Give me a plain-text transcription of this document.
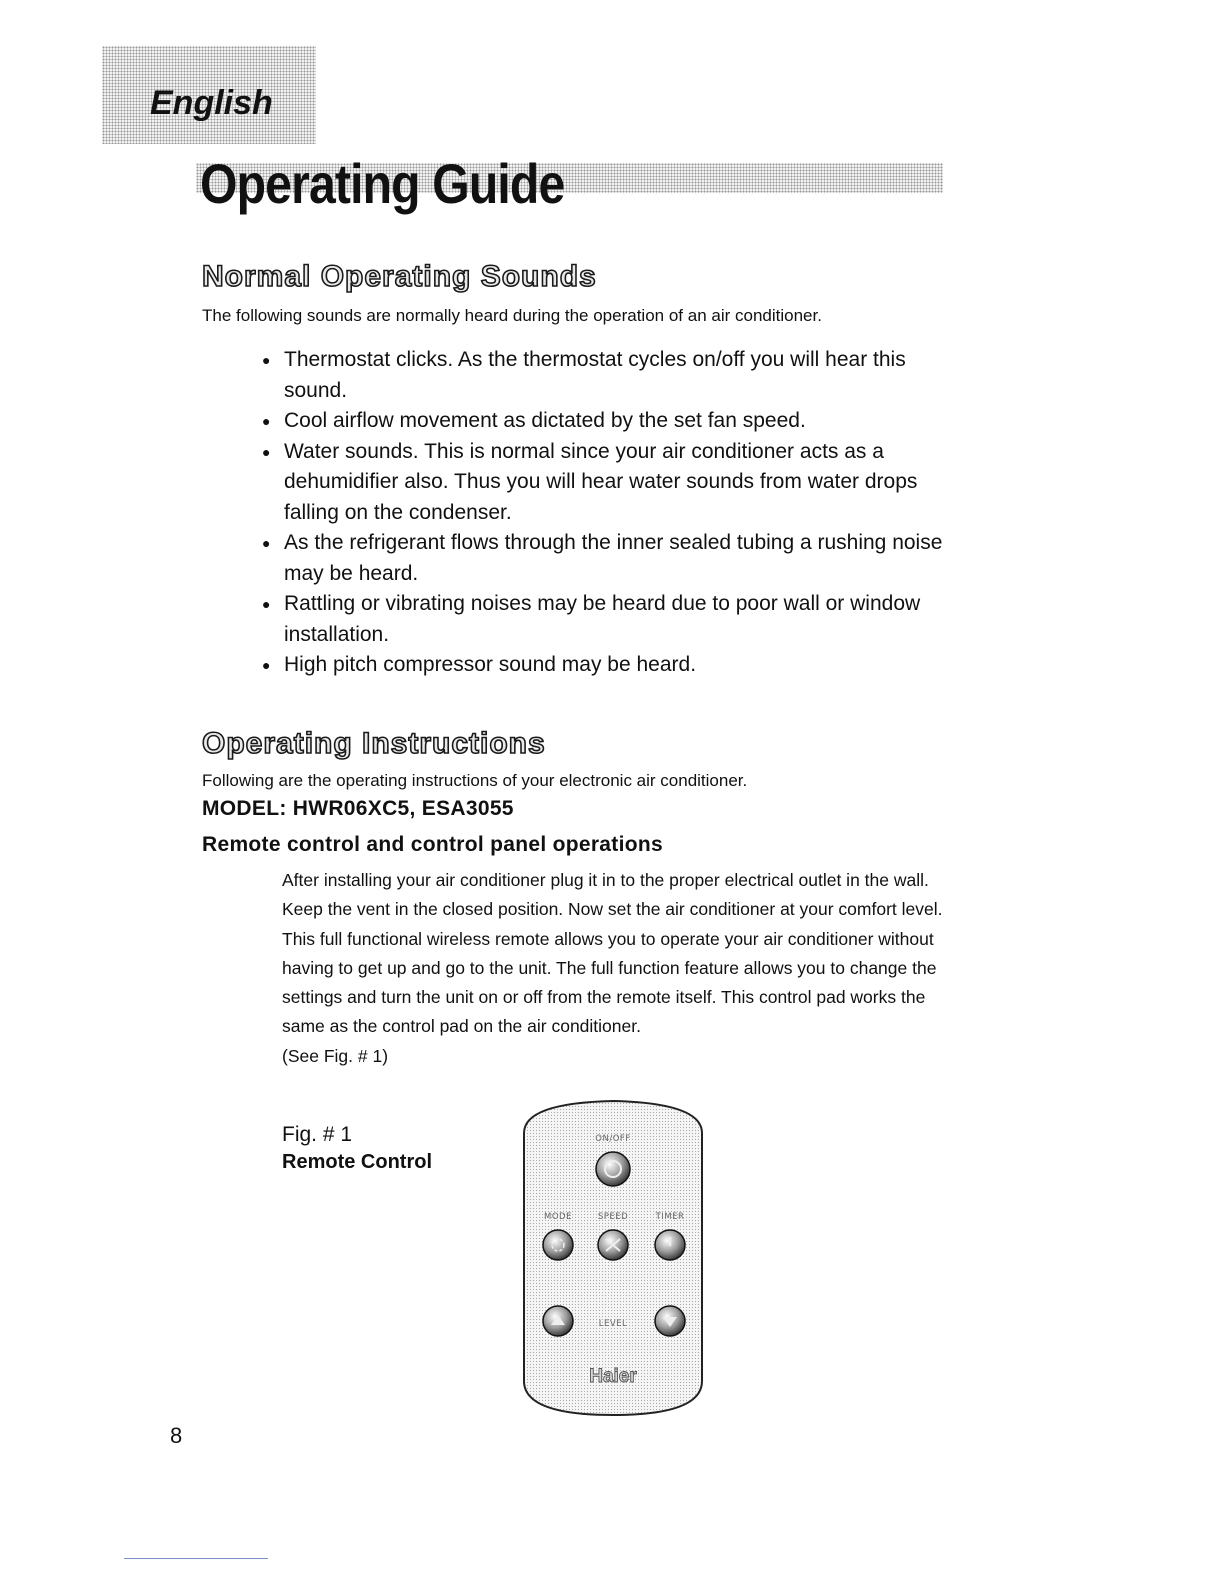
English
Operating Guide
Normal Operating Sounds
The following sounds are normally heard during the operation of an air conditioner.
● Thermostat clicks. As the thermostat cycles on/off you will hear this sound.
● Cool airflow movement as dictated by the set fan speed.
● Water sounds. This is normal since your air conditioner acts as a dehumidifier also. Thus you will hear water sounds from water drops falling on the condenser.
● As the refrigerant flows through the inner sealed tubing a rushing noise may be heard.
● Rattling or vibrating noises may be heard due to poor wall or window installation.
● High pitch compressor sound may be heard.
Operating Instructions
Following are the operating instructions of your electronic air conditioner.
MODEL: HWR06XC5, ESA3055
Remote control and control panel operations
After installing your air conditioner plug it in to the proper electrical outlet in the wall. Keep the vent in the closed position. Now set the air conditioner at your comfort level. This full functional wireless remote allows you to operate your air conditioner without having to get up and go to the unit. The full function feature allows you to change the settings and turn the unit on or off from the remote itself. This control pad works the same as the control pad on the air conditioner.
(See Fig. # 1)
Fig. # 1
Remote Control
ON/OFF
MODE	SPEED	TIMER
LEVEL
Haier
8
